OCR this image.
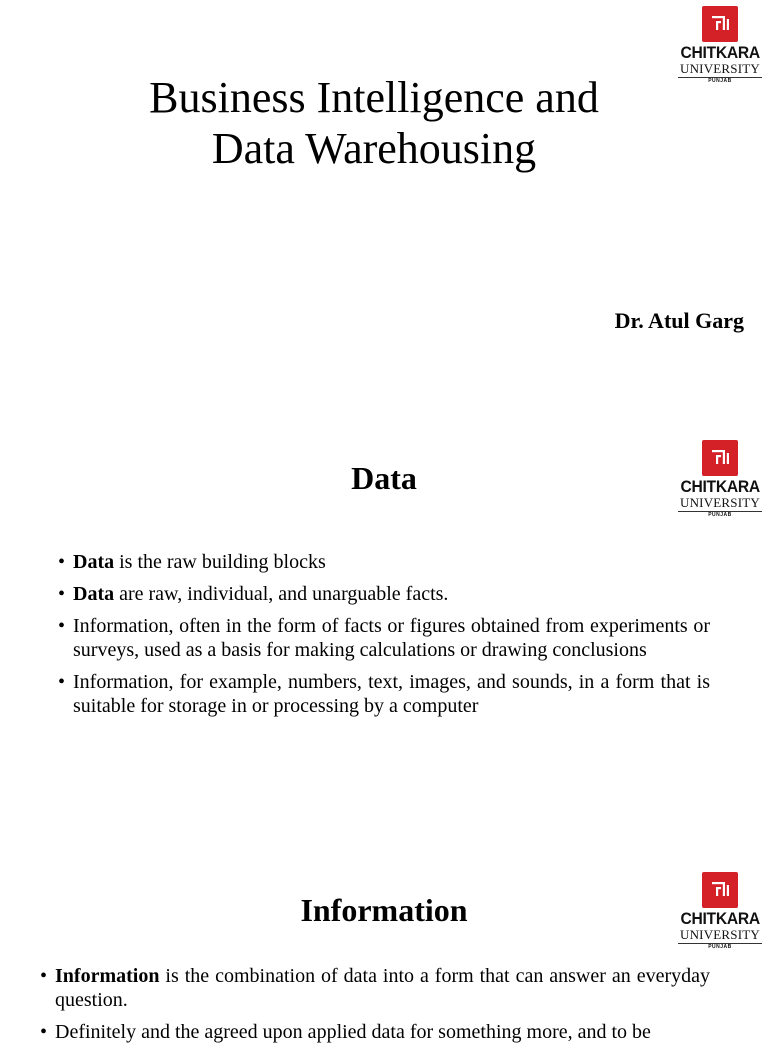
CHITKARA
UNIVERSITY
PUNJAB
Business Intelligence and
Data Warehousing
Dr. Atul Garg
CHITKARA
UNIVERSITY
PUNJAB
Data
• Data is the raw building blocks
• Data are raw, individual, and unarguable facts.
• Information, often in the form of facts or figures obtained from experiments or surveys, used as a basis for making calculations or drawing conclusions
• Information, for example, numbers, text, images, and sounds, in a form that is suitable for storage in or processing by a computer
CHITKARA
UNIVERSITY
PUNJAB
Information
• Information is the combination of data into a form that can answer an everyday question.
• Definitely and the agreed upon applied data for something more, and to be
